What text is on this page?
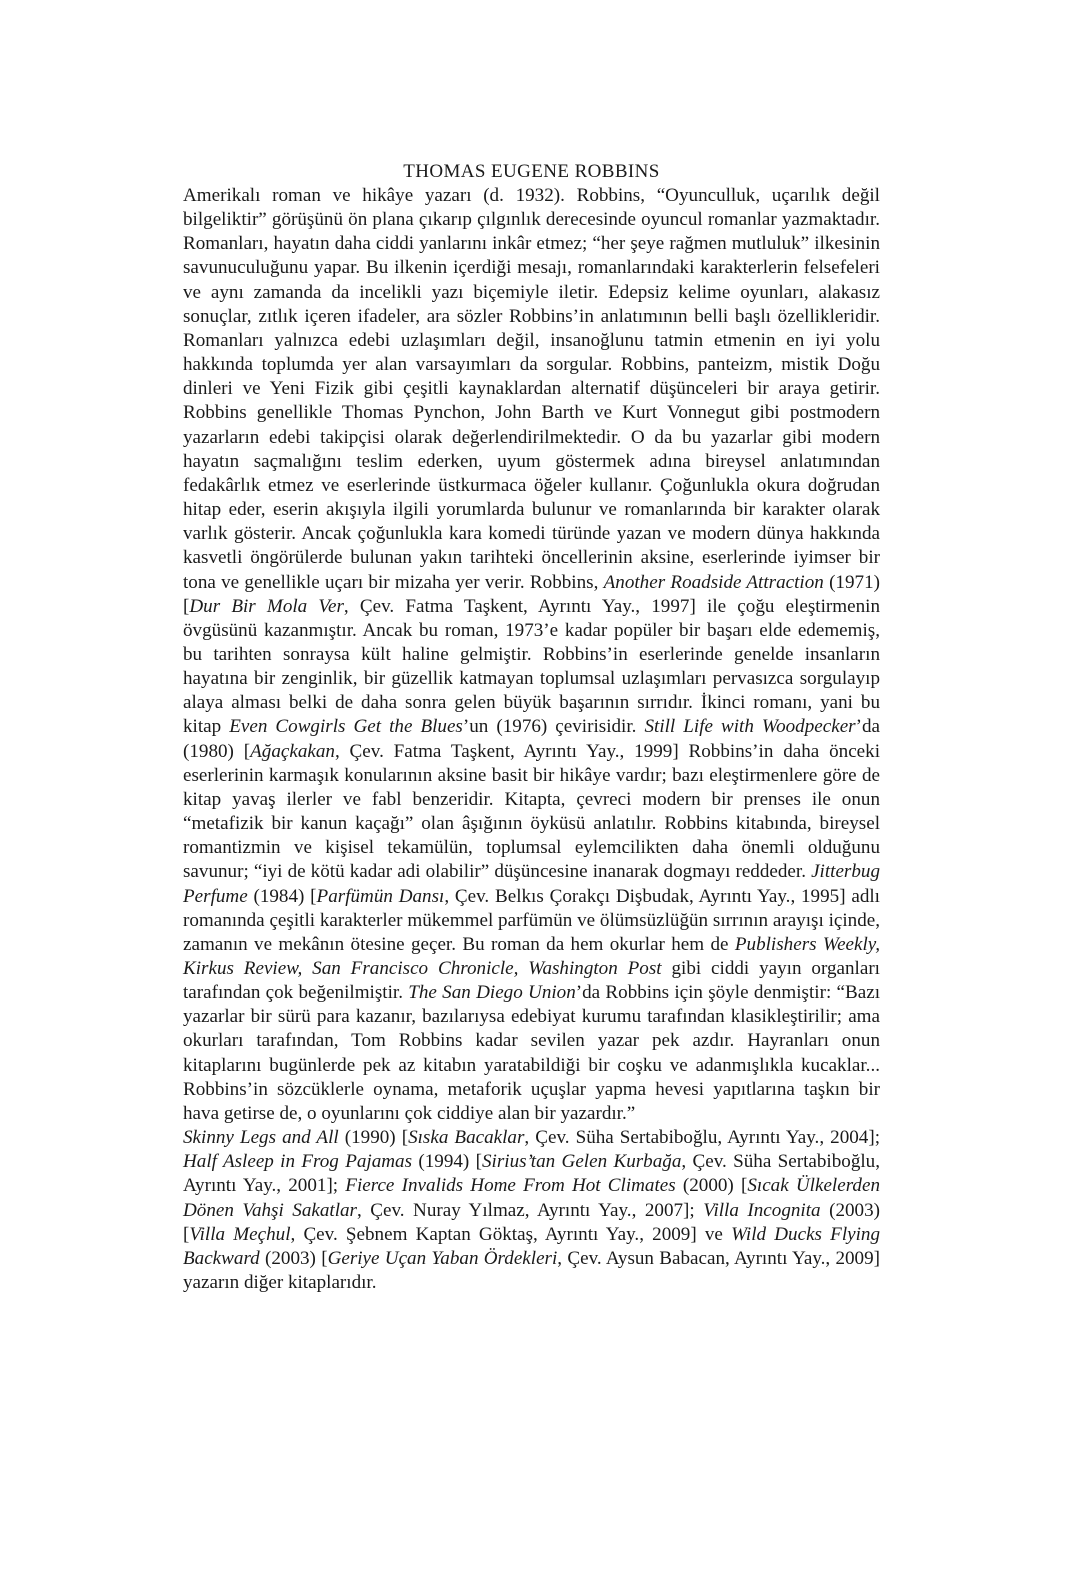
THOMAS EUGENE ROBBINS

Amerikalı roman ve hikâye yazarı (d. 1932). Robbins, “Oyunculluk, uçarılık değil bilgeliktir” görüşünü ön plana çıkarıp çılgınlık derecesinde oyuncul romanlar yazmaktadır. Romanları, hayatın daha ciddi yanlarını inkâr etmez; “her şeye rağmen mutluluk” ilkesinin savunuculuğunu yapar. Bu ilkenin içerdiği mesajı, romanlarındaki karakterlerin felsefeleri ve aynı zamanda da incelikli yazı biçemiyle iletir. Edepsiz kelime oyunları, alakasız sonuçlar, zıtlık içeren ifadeler, ara sözler Robbins’in anlatımının belli başlı özellikleridir. Romanları yalnızca edebi uzlaşımları değil, insanoğlunu tatmin etmenin en iyi yolu hakkında toplumda yer alan varsayımları da sorgular. Robbins, panteizm, mistik Doğu dinleri ve Yeni Fizik gibi çeşitli kaynaklardan alternatif düşünceleri bir araya getirir. Robbins genellikle Thomas Pynchon, John Barth ve Kurt Vonnegut gibi postmodern yazarların edebi takipçisi olarak değerlendirilmektedir. O da bu yazarlar gibi modern hayatın saçmalığını teslim ederken, uyum göstermek adına bireysel anlatımından fedakârlık etmez ve eserlerinde üstkurmaca öğeler kullanır. Çoğunlukla okura doğrudan hitap eder, eserin akışıyla ilgili yorumlarda bulunur ve romanlarında bir karakter olarak varlık gösterir. Ancak çoğunlukla kara komedi türünde yazan ve modern dünya hakkında kasvetli öngörülerde bulunan yakın tarihteki öncellerinin aksine, eserlerinde iyimser bir tona ve genellikle uçarı bir mizaha yer verir. Robbins, Another Roadside Attraction (1971) [Dur Bir Mola Ver, Çev. Fatma Taşkent, Ayrıntı Yay., 1997] ile çoğu eleştirmenin övgüsünü kazanmıştır. Ancak bu roman, 1973’e kadar popüler bir başarı elde edememiş, bu tarihten sonraysa kült haline gelmiştir. Robbins’in eserlerinde genelde insanların hayatına bir zenginlik, bir güzellik katmayan toplumsal uzlaşımları pervasızca sorgulayıp alaya alması belki de daha sonra gelen büyük başarının sırrıdır. İkinci romanı, yani bu kitap Even Cowgirls Get the Blues’un (1976) çevirisidir. Still Life with Woodpecker’da (1980) [Ağaçkakan, Çev. Fatma Taşkent, Ayrıntı Yay., 1999] Robbins’in daha önceki eserlerinin karmaşık konularının aksine basit bir hikâye vardır; bazı eleştirmenlere göre de kitap yavaş ilerler ve fabl benzeridir. Kitapta, çevreci modern bir prenses ile onun “metafizik bir kanun kaçağı” olan âşığının öyküsü anlatılır. Robbins kitabında, bireysel romantizmin ve kişisel tekamülün, toplumsal eylemcilikten daha önemli olduğunu savunur; “iyi de kötü kadar adi olabilir” düşüncesine inanarak dogmayı reddeder. Jitterbug Perfume (1984) [Parfümün Dansı, Çev. Belkıs Çorakçı Dişbudak, Ayrıntı Yay., 1995] adlı romanında çeşitli karakterler mükemmel parfümün ve ölümsüzlüğün sırrının arayışı içinde, zamanın ve mekânın ötesine geçer. Bu roman da hem okurlar hem de Publishers Weekly, Kirkus Review, San Francisco Chronicle, Washington Post gibi ciddi yayın organları tarafından çok beğenilmiştir. The San Diego Union’da Robbins için şöyle denmiştir: “Bazı yazarlar bir sürü para kazanır, bazılarıysa edebiyat kurumu tarafından klasikleştirilir; ama okurları tarafından, Tom Robbins kadar sevilen yazar pek azdır. Hayranları onun kitaplarını bugünlerde pek az kitabın yaratabildiği bir coşku ve adanmışlıkla kucaklar... Robbins’in sözcüklerle oynama, metaforik uçuşlar yapma hevesi yapıtlarına taşkın bir hava getirse de, o oyunlarını çok ciddiye alan bir yazardır.”

Skinny Legs and All (1990) [Sıska Bacaklar, Çev. Süha Sertabiboğlu, Ayrıntı Yay., 2004]; Half Asleep in Frog Pajamas (1994) [Sirius’tan Gelen Kurbağa, Çev. Süha Sertabiboğlu, Ayrıntı Yay., 2001]; Fierce Invalids Home From Hot Climates (2000) [Sıcak Ülkelerden Dönen Vahşi Sakatlar, Çev. Nuray Yılmaz, Ayrıntı Yay., 2007]; Villa Incognita (2003) [Villa Meçhul, Çev. Şebnem Kaptan Göktaş, Ayrıntı Yay., 2009] ve Wild Ducks Flying Backward (2003) [Geriye Uçan Yaban Ördekleri, Çev. Aysun Babacan, Ayrıntı Yay., 2009] yazarın diğer kitaplarıdır.
